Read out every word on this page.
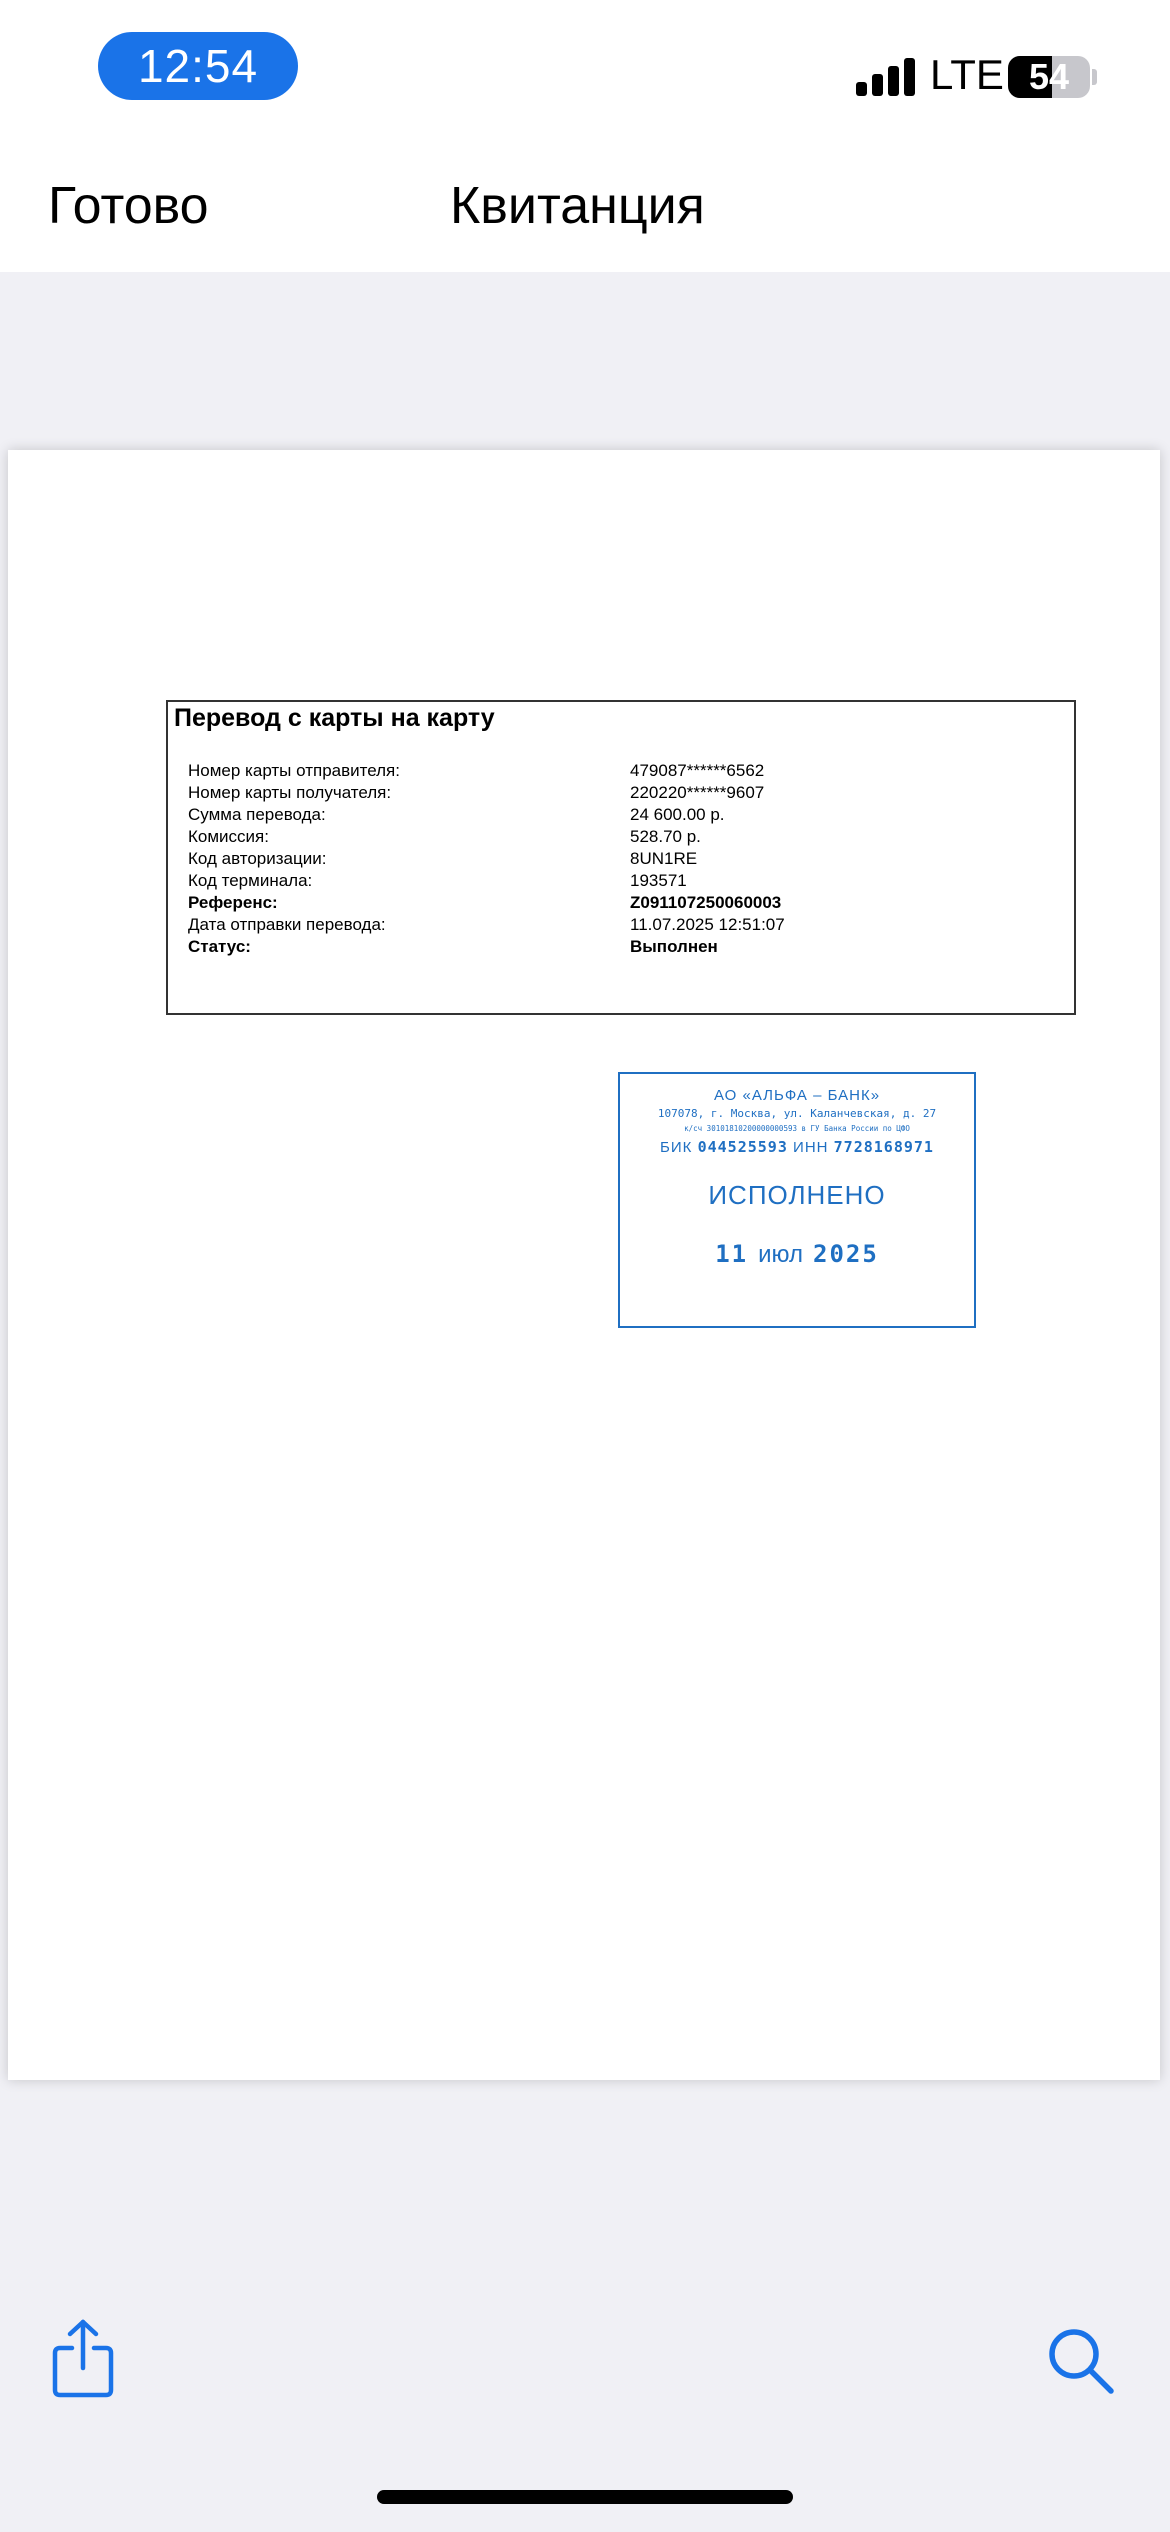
12:54	LTE 54
Готово	Квитанция
Перевод с карты на карту
Номер карты отправителя:	479087******6562
Номер карты получателя:	220220******9607
Сумма перевода:	24 600.00 р.
Комиссия:	528.70 р.
Код авторизации:	8UN1RE
Код терминала:	193571
Референс:	Z091107250060003
Дата отправки перевода:	11.07.2025 12:51:07
Статус:	Выполнен
АО «АЛЬФА – БАНК»
107078, г. Москва, ул. Каланчевская, д. 27
к/сч 30101810200000000593 в ГУ Банка России по ЦФО
БИК 044525593 ИНН 7728168971
ИСПОЛНЕНО
11 июл 2025
